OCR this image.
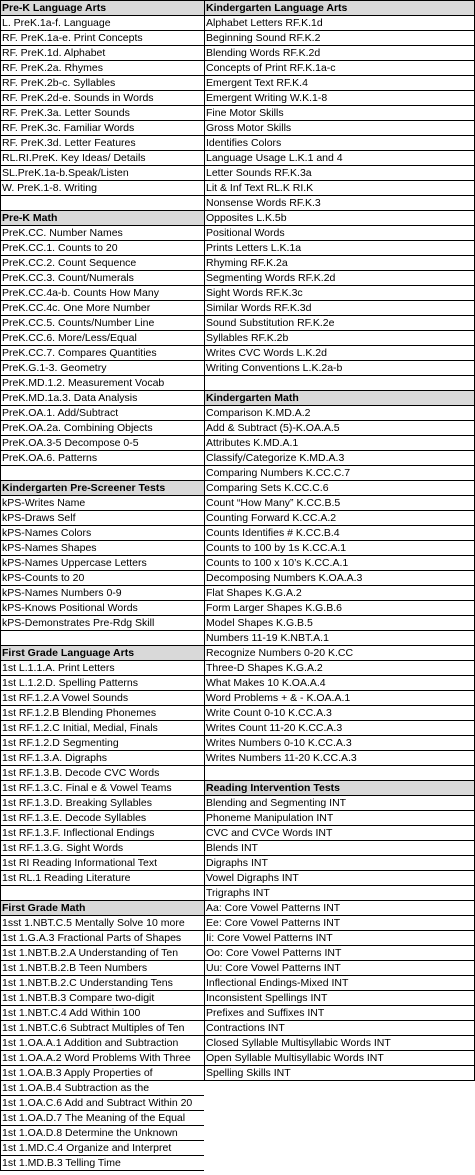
Pre-K Language Arts
L. PreK.1a-f. Language
RF. PreK.1a-e. Print Concepts
RF. PreK.1d. Alphabet
RF. PreK.2a. Rhymes
RF. PreK.2b-c. Syllables
RF. PreK.2d-e. Sounds in Words
RF. PreK.3a. Letter Sounds
RF. PreK.3c. Familiar Words
RF. PreK.3d. Letter Features
RL.RI.PreK. Key Ideas/ Details
SL.PreK.1a-b.Speak/Listen
W. PreK.1-8. Writing
Pre-K Math
PreK.CC. Number Names
PreK.CC.1. Counts to 20
PreK.CC.2. Count Sequence
PreK.CC.3. Count/Numerals
PreK.CC.4a-b. Counts How Many
PreK.CC.4c. One More Number
PreK.CC.5. Counts/Number Line
PreK.CC.6. More/Less/Equal
PreK.CC.7. Compares Quantities
PreK.G.1-3. Geometry
PreK.MD.1.2. Measurement Vocab
PreK.MD.1a.3. Data Analysis
PreK.OA.1. Add/Subtract
PreK.OA.2a. Combining Objects
PreK.OA.3-5 Decompose 0-5
PreK.OA.6. Patterns
Kindergarten Pre-Screener Tests
kPS-Writes Name
kPS-Draws Self
kPS-Names Colors
kPS-Names Shapes
kPS-Names Uppercase Letters
kPS-Counts to 20
kPS-Names Numbers 0-9
kPS-Knows Positional Words
kPS-Demonstrates Pre-Rdg Skill
First Grade Language Arts
1st L.1.1.A. Print Letters
1st L.1.2.D. Spelling Patterns
1st RF.1.2.A Vowel Sounds
1st RF.1.2.B Blending Phonemes
1st RF.1.2.C Initial, Medial, Finals
1st RF.1.2.D Segmenting
1st RF.1.3.A. Digraphs
1st RF.1.3.B. Decode CVC Words
1st RF.1.3.C. Final e & Vowel Teams
1st RF.1.3.D. Breaking Syllables
1st RF.1.3.E. Decode Syllables
1st RF.1.3.F. Inflectional Endings
1st RF.1.3.G. Sight Words
1st RI Reading Informational Text
1st RL.1 Reading Literature
First Grade Math
1sst 1.NBT.C.5 Mentally Solve 10 more
1st 1.G.A.3 Fractional Parts of Shapes
1st 1.NBT.B.2.A Understanding of Ten
1st 1.NBT.B.2.B Teen Numbers
1st 1.NBT.B.2.C Understanding Tens
1st 1.NBT.B.3 Compare two-digit
1st 1.NBT.C.4 Add Within 100
1st 1.NBT.C.6 Subtract Multiples of Ten
1st 1.OA.A.1 Addition and Subtraction
1st 1.OA.A.2 Word Problems With Three
1st 1.OA.B.3 Apply Properties of
1st 1.OA.B.4 Subtraction as the
1st 1.OA.C.6 Add and Subtract Within 20
1st 1.OA.D.7 The Meaning of the Equal
1st 1.OA.D.8 Determine the Unknown
1st 1.MD.C.4 Organize and Interpret
1st 1.MD.B.3 Telling Time
Kindergarten Language Arts
Alphabet Letters RF.K.1d
Beginning Sound RF.K.2
Blending Words RF.K.2d
Concepts of Print RF.K.1a-c
Emergent Text RF.K.4
Emergent Writing W.K.1-8
Fine Motor Skills
Gross Motor Skills
Identifies Colors
Language Usage L.K.1 and 4
Letter Sounds RF.K.3a
Lit & Inf Text RL.K RI.K
Nonsense Words RF.K.3
Opposites L.K.5b
Positional Words
Prints Letters L.K.1a
Rhyming RF.K.2a
Segmenting Words RF.K.2d
Sight Words RF.K.3c
Similar Words RF.K.3d
Sound Substitution RF.K.2e
Syllables RF.K.2b
Writes CVC Words L.K.2d
Writing Conventions L.K.2a-b
Kindergarten Math
Comparison K.MD.A.2
Add & Subtract (5)-K.OA.A.5
Attributes K.MD.A.1
Classify/Categorize K.MD.A.3
Comparing Numbers K.CC.C.7
Comparing Sets K.CC.C.6
Count “How Many” K.CC.B.5
Counting Forward K.CC.A.2
Counts Identifies # K.CC.B.4
Counts to 100 by 1s K.CC.A.1
Counts to 100 x 10’s K.CC.A.1
Decomposing Numbers K.OA.A.3
Flat Shapes K.G.A.2
Form Larger Shapes K.G.B.6
Model Shapes K.G.B.5
Numbers 11-19 K.NBT.A.1
Recognize Numbers 0-20 K.CC
Three-D Shapes K.G.A.2
What Makes 10 K.OA.A.4
Word Problems + & - K.OA.A.1
Write Count 0-10 K.CC.A.3
Writes Count 11-20 K.CC.A.3
Writes Numbers 0-10 K.CC.A.3
Writes Numbers 11-20 K.CC.A.3
Reading Intervention Tests
Blending and Segmenting INT
Phoneme Manipulation INT
CVC and CVCe Words INT
Blends INT
Digraphs INT
Vowel Digraphs INT
Trigraphs INT
Aa: Core Vowel Patterns INT
Ee: Core Vowel Patterns INT
Ii: Core Vowel Patterns INT
Oo: Core Vowel Patterns INT
Uu: Core Vowel Patterns INT
Inflectional Endings-Mixed INT
Inconsistent Spellings INT
Prefixes and Suffixes INT
Contractions INT
Closed Syllable Multisyllabic Words INT
Open Syllable Multisyllabic Words INT
Spelling Skills INT
